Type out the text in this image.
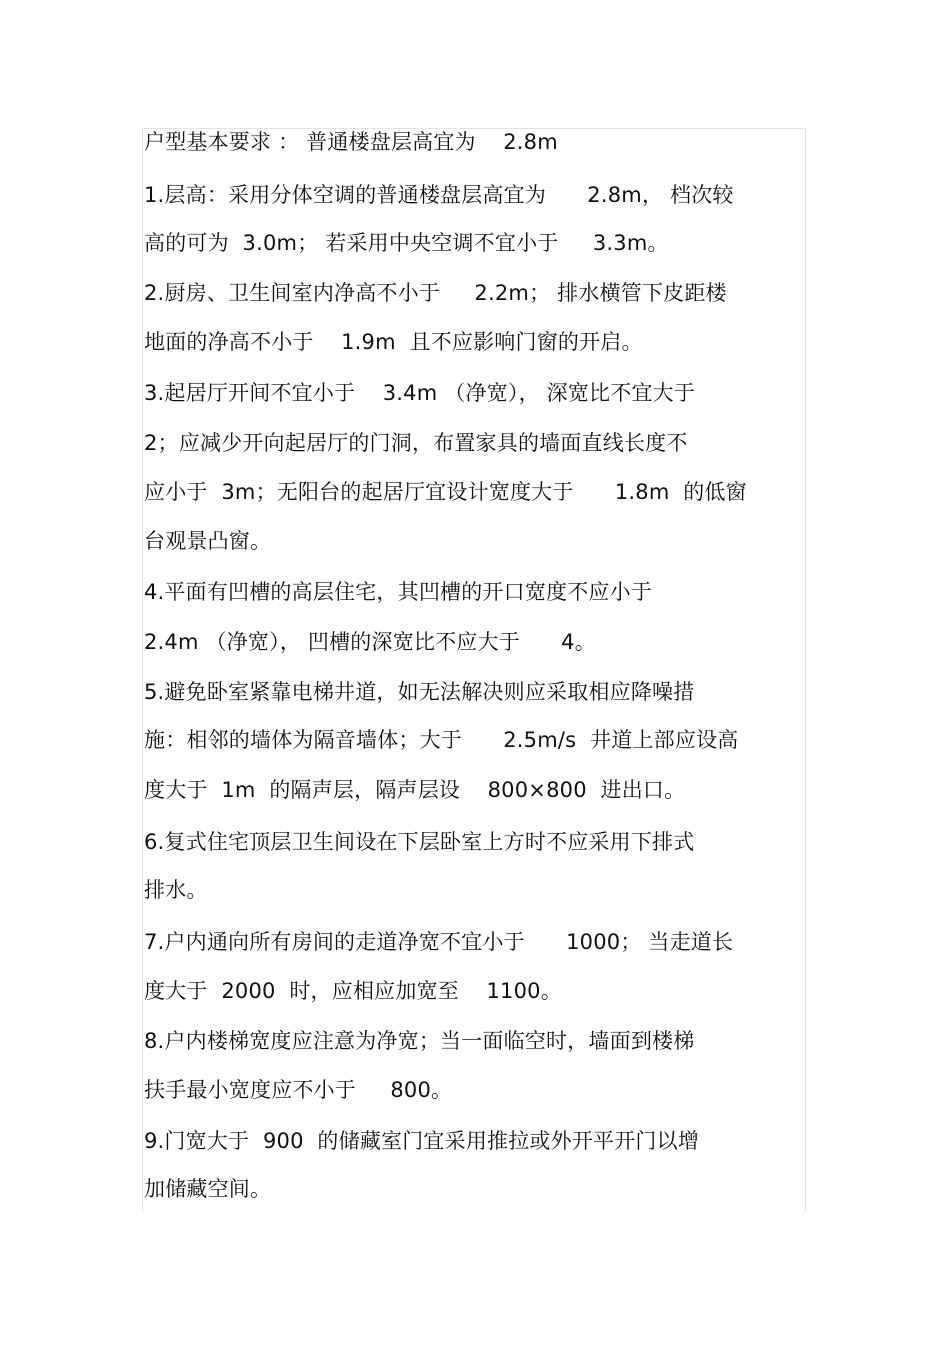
户型基本要求 ： 普通楼盘层高宜为    2.8m
1.层高：采用分体空调的普通楼盘层高宜为      2.8m， 档次较
高的可为  3.0m； 若采用中央空调不宜小于     3.3m。
2.厨房、卫生间室内净高不小于     2.2m； 排水横管下皮距楼
地面的净高不小于    1.9m  且不应影响门窗的开启。
3.起居厅开间不宜小于    3.4m （净宽）， 深宽比不宜大于
2；应减少开向起居厅的门洞，布置家具的墙面直线长度不
应小于  3m；无阳台的起居厅宜设计宽度大于      1.8m  的低窗
台观景凸窗。
4.平面有凹槽的高层住宅，其凹槽的开口宽度不应小于
2.4m （净宽）， 凹槽的深宽比不应大于      4。
5.避免卧室紧靠电梯井道，如无法解决则应采取相应降噪措
施：相邻的墙体为隔音墙体；大于      2.5m/s  井道上部应设高
度大于  1m  的隔声层，隔声层设    800×800  进出口。
6.复式住宅顶层卫生间设在下层卧室上方时不应采用下排式
排水。
7.户内通向所有房间的走道净宽不宜小于      1000； 当走道长
度大于  2000  时，应相应加宽至    1100。
8.户内楼梯宽度应注意为净宽；当一面临空时，墙面到楼梯
扶手最小宽度应不小于     800。
9.门宽大于  900  的储藏室门宜采用推拉或外开平开门以增
加储藏空间。
